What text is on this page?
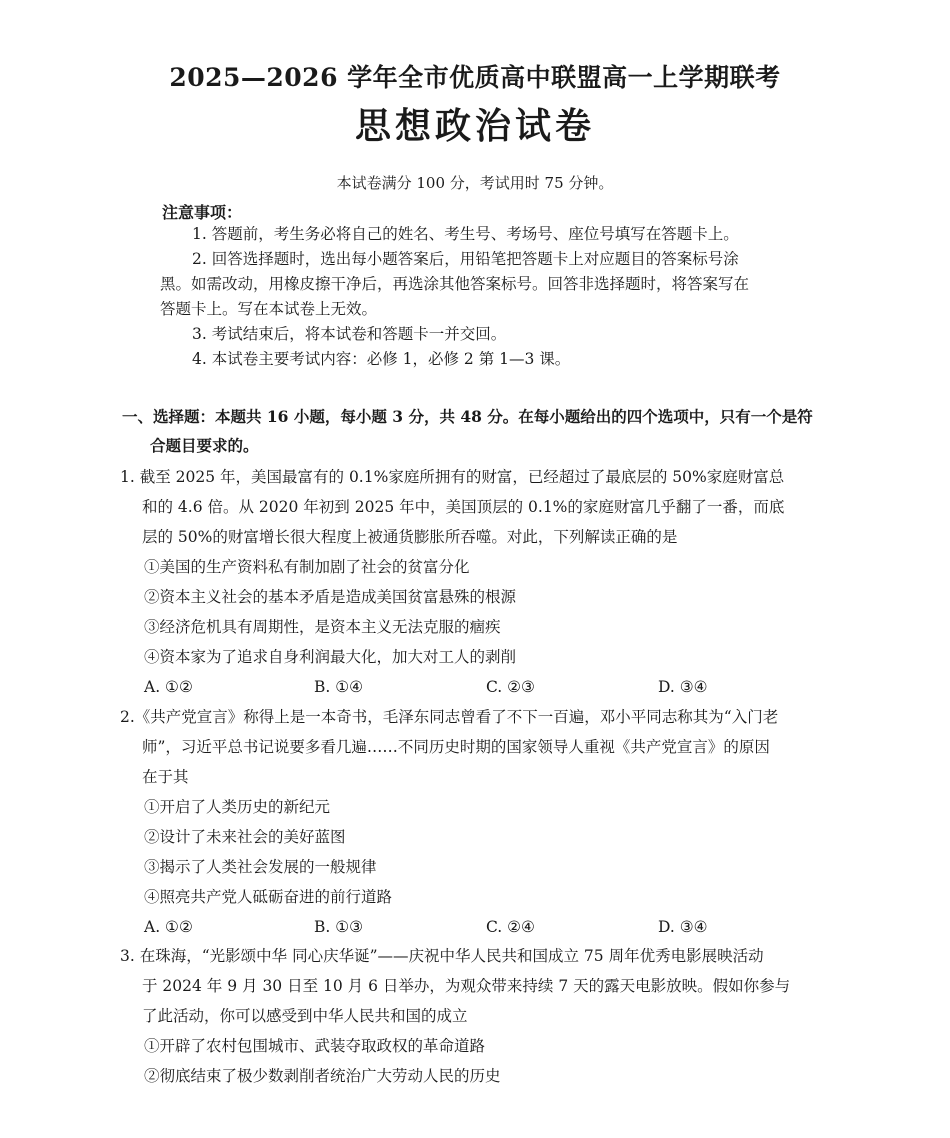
2025—2026 学年全市优质高中联盟高一上学期联考
思想政治试卷
本试卷满分 100 分，考试用时 75 分钟。
注意事项：

1. 答题前，考生务必将自己的姓名、考生号、考场号、座位号填写在答题卡上。

2. 回答选择题时，选出每小题答案后，用铅笔把答题卡上对应题目的答案标号涂

黑。如需改动，用橡皮擦干净后，再选涂其他答案标号。回答非选择题时，将答案写在

答题卡上。写在本试卷上无效。

3. 考试结束后，将本试卷和答题卡一并交回。

4. 本试卷主要考试内容：必修 1，必修 2 第 1—3 课。

一、选择题：本题共 16 小题，每小题 3 分，共 48 分。在每小题给出的四个选项中，只有一个是符
合题目要求的。

1. 截至 2025 年，美国最富有的 0.1%家庭所拥有的财富，已经超过了最底层的 50%家庭财富总

和的 4.6 倍。从 2020 年初到 2025 年中，美国顶层的 0.1%的家庭财富几乎翻了一番，而底

层的 50%的财富增长很大程度上被通货膨胀所吞噬。对此，下列解读正确的是

①美国的生产资料私有制加剧了社会的贫富分化

②资本主义社会的基本矛盾是造成美国贫富悬殊的根源

③经济危机具有周期性，是资本主义无法克服的痼疾

④资本家为了追求自身利润最大化，加大对工人的剥削

A. ①②	B. ①④	C. ②③	D. ③④

2.《共产党宣言》称得上是一本奇书，毛泽东同志曾看了不下一百遍，邓小平同志称其为“入门老

师”，习近平总书记说要多看几遍……不同历史时期的国家领导人重视《共产党宣言》的原因

在于其

①开启了人类历史的新纪元

②设计了未来社会的美好蓝图

③揭示了人类社会发展的一般规律

④照亮共产党人砥砺奋进的前行道路

A. ①②	B. ①③	C. ②④	D. ③④

3. 在珠海，“光影颂中华 同心庆华诞”——庆祝中华人民共和国成立 75 周年优秀电影展映活动

于 2024 年 9 月 30 日至 10 月 6 日举办，为观众带来持续 7 天的露天电影放映。假如你参与

了此活动，你可以感受到中华人民共和国的成立

①开辟了农村包围城市、武装夺取政权的革命道路

②彻底结束了极少数剥削者统治广大劳动人民的历史
